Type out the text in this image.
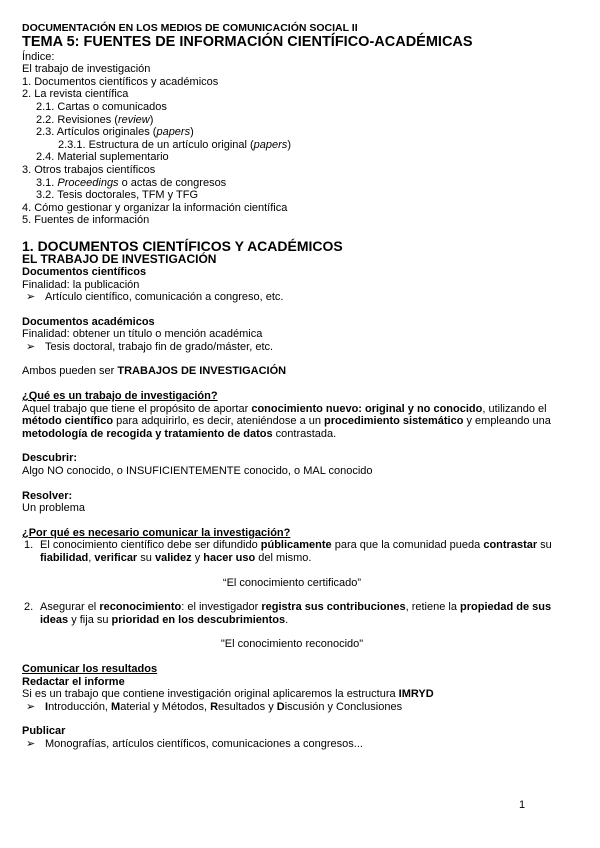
DOCUMENTACIÓN EN LOS MEDIOS DE COMUNICACIÓN SOCIAL II

TEMA 5: FUENTES DE INFORMACIÓN CIENTÍFICO-ACADÉMICAS

Índice:

El trabajo de investigación

1. Documentos científicos y académicos

2. La revista científica

2.1. Cartas o comunicados

2.2. Revisiones (review)

2.3. Artículos originales (papers)

2.3.1. Estructura de un artículo original (papers)

2.4. Material suplementario

3. Otros trabajos científicos

3.1. Proceedings o actas de congresos

3.2. Tesis doctorales, TFM y TFG

4. Cómo gestionar y organizar la información científica

5. Fuentes de información

1. DOCUMENTOS CIENTÍFICOS Y ACADÉMICOS

EL TRABAJO DE INVESTIGACIÓN

Documentos científicos

Finalidad: la publicación

➢ Artículo científico, comunicación a congreso, etc.

Documentos académicos

Finalidad: obtener un título o mención académica

➢ Tesis doctoral, trabajo fin de grado/máster, etc.

Ambos pueden ser TRABAJOS DE INVESTIGACIÓN

¿Qué es un trabajo de investigación?

Aquel trabajo que tiene el propósito de aportar conocimiento nuevo: original y no conocido, utilizando el método científico para adquirirlo, es decir, ateniéndose a un procedimiento sistemático y empleando una metodología de recogida y tratamiento de datos contrastada.

Descubrir:

Algo NO conocido, o INSUFICIENTEMENTE conocido, o MAL conocido

Resolver:

Un problema

¿Por qué es necesario comunicar la investigación?

1. El conocimiento científico debe ser difundido públicamente para que la comunidad pueda contrastar su fiabilidad, verificar su validez y hacer uso del mismo.

“El conocimiento certificado”

2. Asegurar el reconocimiento: el investigador registra sus contribuciones, retiene la propiedad de sus ideas y fija su prioridad en los descubrimientos.

"El conocimiento reconocido"

Comunicar los resultados

Redactar el informe

Si es un trabajo que contiene investigación original aplicaremos la estructura IMRYD

➢ Introducción, Material y Métodos, Resultados y Discusión y Conclusiones

Publicar

➢ Monografías, artículos científicos, comunicaciones a congresos...

1
